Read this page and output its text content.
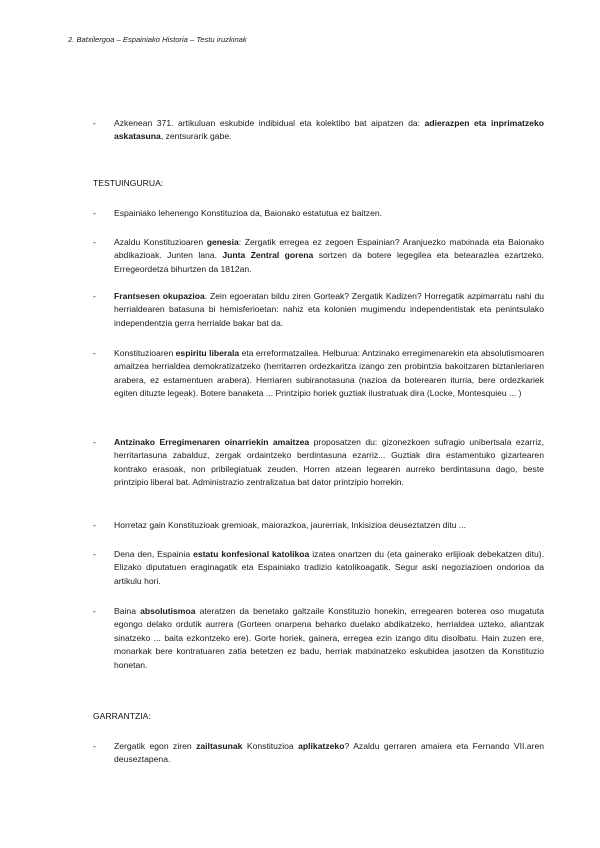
2. Batxilergoa – Espainiako Historia – Testu iruzkinak
-	Azkenean 371. artikuluan eskubide indibidual eta kolektibo bat aipatzen da: adierazpen eta inprimatzeko askatasuna, zentsurarik gabe.
TESTUINGURUA:
-	Espainiako lehenengo Konstituzioa da, Baionako estatutua ez baitzen.
-	Azaldu Konstituzioaren genesia: Zergatik erregea ez zegoen Espainian? Aranjuezko matxinada eta Baionako abdikazioak. Junten lana. Junta Zentral gorena sortzen da botere legegilea eta betearazlea ezartzeko. Erregeordetza bihurtzen da 1812an.
-	Frantsesen okupazioa. Zein egoeratan bildu ziren Gorteak? Zergatik Kadizen? Horregatik azpimarratu nahi du herrialdearen batasuna bi hemisferioetan: nahiz eta kolonien mugimendu independentistak eta penintsulako independentzia gerra herrialde bakar bat da.
-	Konstituzioaren espiritu liberala eta erreformatzailea. Helburua: Antzinako erregimenarekin eta absolutismoaren amaitzea herrialdea demokratizatzeko (herritarren ordezkaritza izango zen probintzia bakoitzaren biztanleriaren arabera, ez estamentuen arabera). Herriaren subiranotasuna (nazioa da boterearen iturria, bere ordezkariek egiten dituzte legeak). Botere banaketa ... Printzipio horiek guztiak ilustratuak dira (Locke, Montesquieu ... )
-	Antzinako Erregimenaren oinarriekin amaitzea proposatzen du: gizonezkoen sufragio unibertsala ezarriz, herritartasuna zabalduz, zergak ordaintzeko berdintasuna ezarriz... Guztiak dira estamentuko gizartearen kontrako erasoak, non pribilegiatuak zeuden. Horren atzean legearen aurreko berdintasuna dago, beste printzipio liberal bat. Administrazio zentralizatua bat dator printzipio horrekin.
-	Horretaz gain Konstituzioak gremioak, maiorazkoa, jaurerriak, Inkisizioa deuseztatzen ditu ...
-	Dena den, Espainia estatu konfesional katolikoa izatea onartzen du (eta gainerako erlijioak debekatzen ditu). Elizako diputatuen eraginagatik eta Espainiako tradizio katolikoagatik. Segur aski negoziazioen ondorioa da artikulu hori.
-	Baina absolutismoa ateratzen da benetako galtzaile Konstituzio honekin, erregearen boterea oso mugatuta egongo delako ordutik aurrera (Gorteen onarpena beharko duelako abdikatzeko, herrialdea uzteko, aliantzak sinatzeko ... baita ezkontzeko ere). Gorte horiek, gainera, erregea ezin izango ditu disolbatu. Hain zuzen ere, monarkak bere kontratuaren zatia betetzen ez badu, herriak matxinatzeko eskubidea jasotzen da Konstituzio honetan.
GARRANTZIA:
-	Zergatik egon ziren zailtasunak Konstituzioa aplikatzeko? Azaldu gerraren amaiera eta Fernando VII.aren deuseztapena.
